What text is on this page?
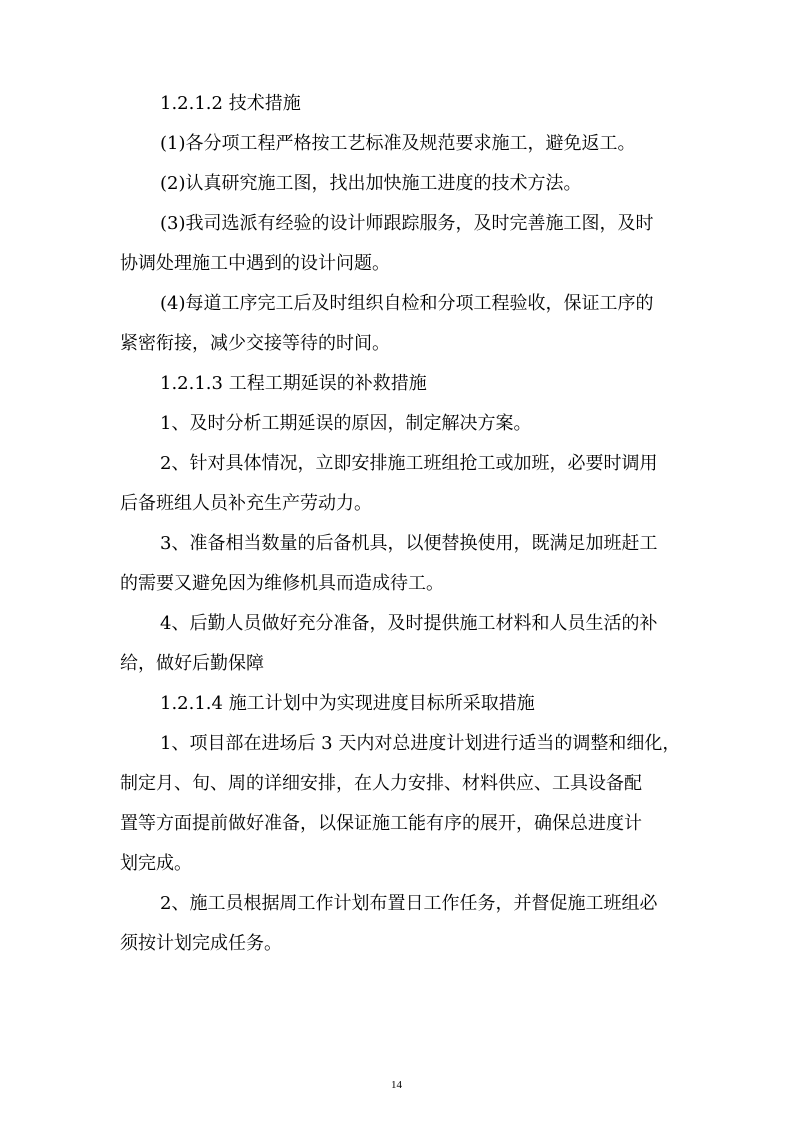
1.2.1.2 技术措施
(1)各分项工程严格按工艺标准及规范要求施工，避免返工。
(2)认真研究施工图，找出加快施工进度的技术方法。
(3)我司选派有经验的设计师跟踪服务，及时完善施工图，及时
协调处理施工中遇到的设计问题。
(4)每道工序完工后及时组织自检和分项工程验收，保证工序的
紧密衔接，减少交接等待的时间。
1.2.1.3 工程工期延误的补救措施
1、及时分析工期延误的原因，制定解决方案。
2、针对具体情况，立即安排施工班组抢工或加班，必要时调用
后备班组人员补充生产劳动力。
3、准备相当数量的后备机具，以便替换使用，既满足加班赶工
的需要又避免因为维修机具而造成待工。
4、后勤人员做好充分准备，及时提供施工材料和人员生活的补
给，做好后勤保障
1.2.1.4 施工计划中为实现进度目标所采取措施
1、项目部在进场后 3 天内对总进度计划进行适当的调整和细化，
制定月、旬、周的详细安排，在人力安排、材料供应、工具设备配
置等方面提前做好准备，以保证施工能有序的展开，确保总进度计
划完成。
2、施工员根据周工作计划布置日工作任务，并督促施工班组必
须按计划完成任务。
14
